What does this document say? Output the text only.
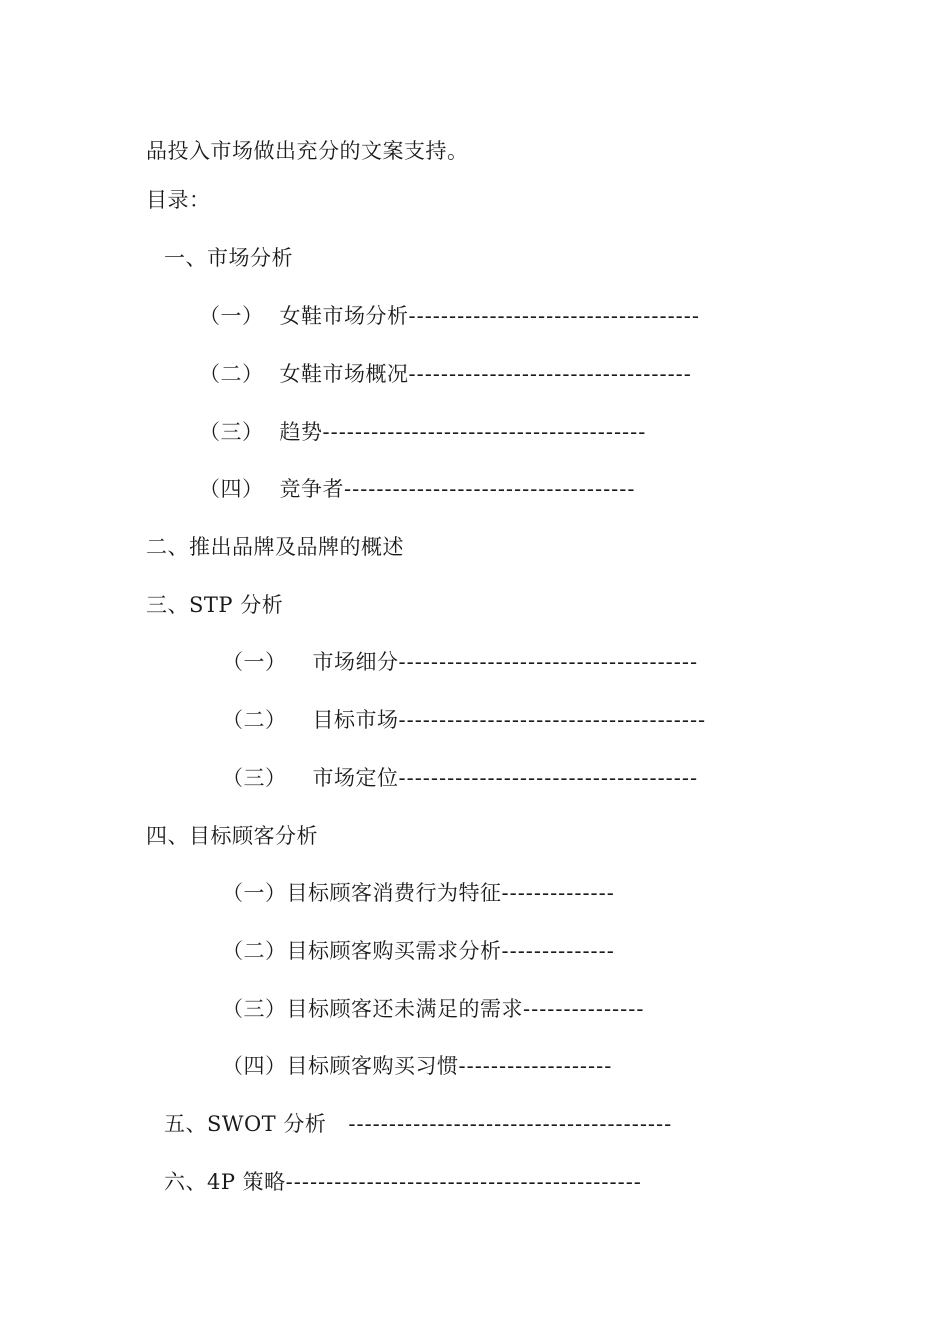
品投入市场做出充分的文案支持。
目录：
一、市场分析
（一） 女鞋市场分析------------------------------------
（二） 女鞋市场概况-----------------------------------
（三） 趋势----------------------------------------
（四） 竞争者------------------------------------
二、推出品牌及品牌的概述
三、STP 分析
（一） 市场细分-------------------------------------
（二） 目标市场--------------------------------------
（三） 市场定位-------------------------------------
四、目标顾客分析
（一）目标顾客消费行为特征--------------
（二）目标顾客购买需求分析--------------
（三）目标顾客还未满足的需求---------------
（四）目标顾客购买习惯-------------------
五、SWOT 分析 ----------------------------------------
六、4P 策略--------------------------------------------
